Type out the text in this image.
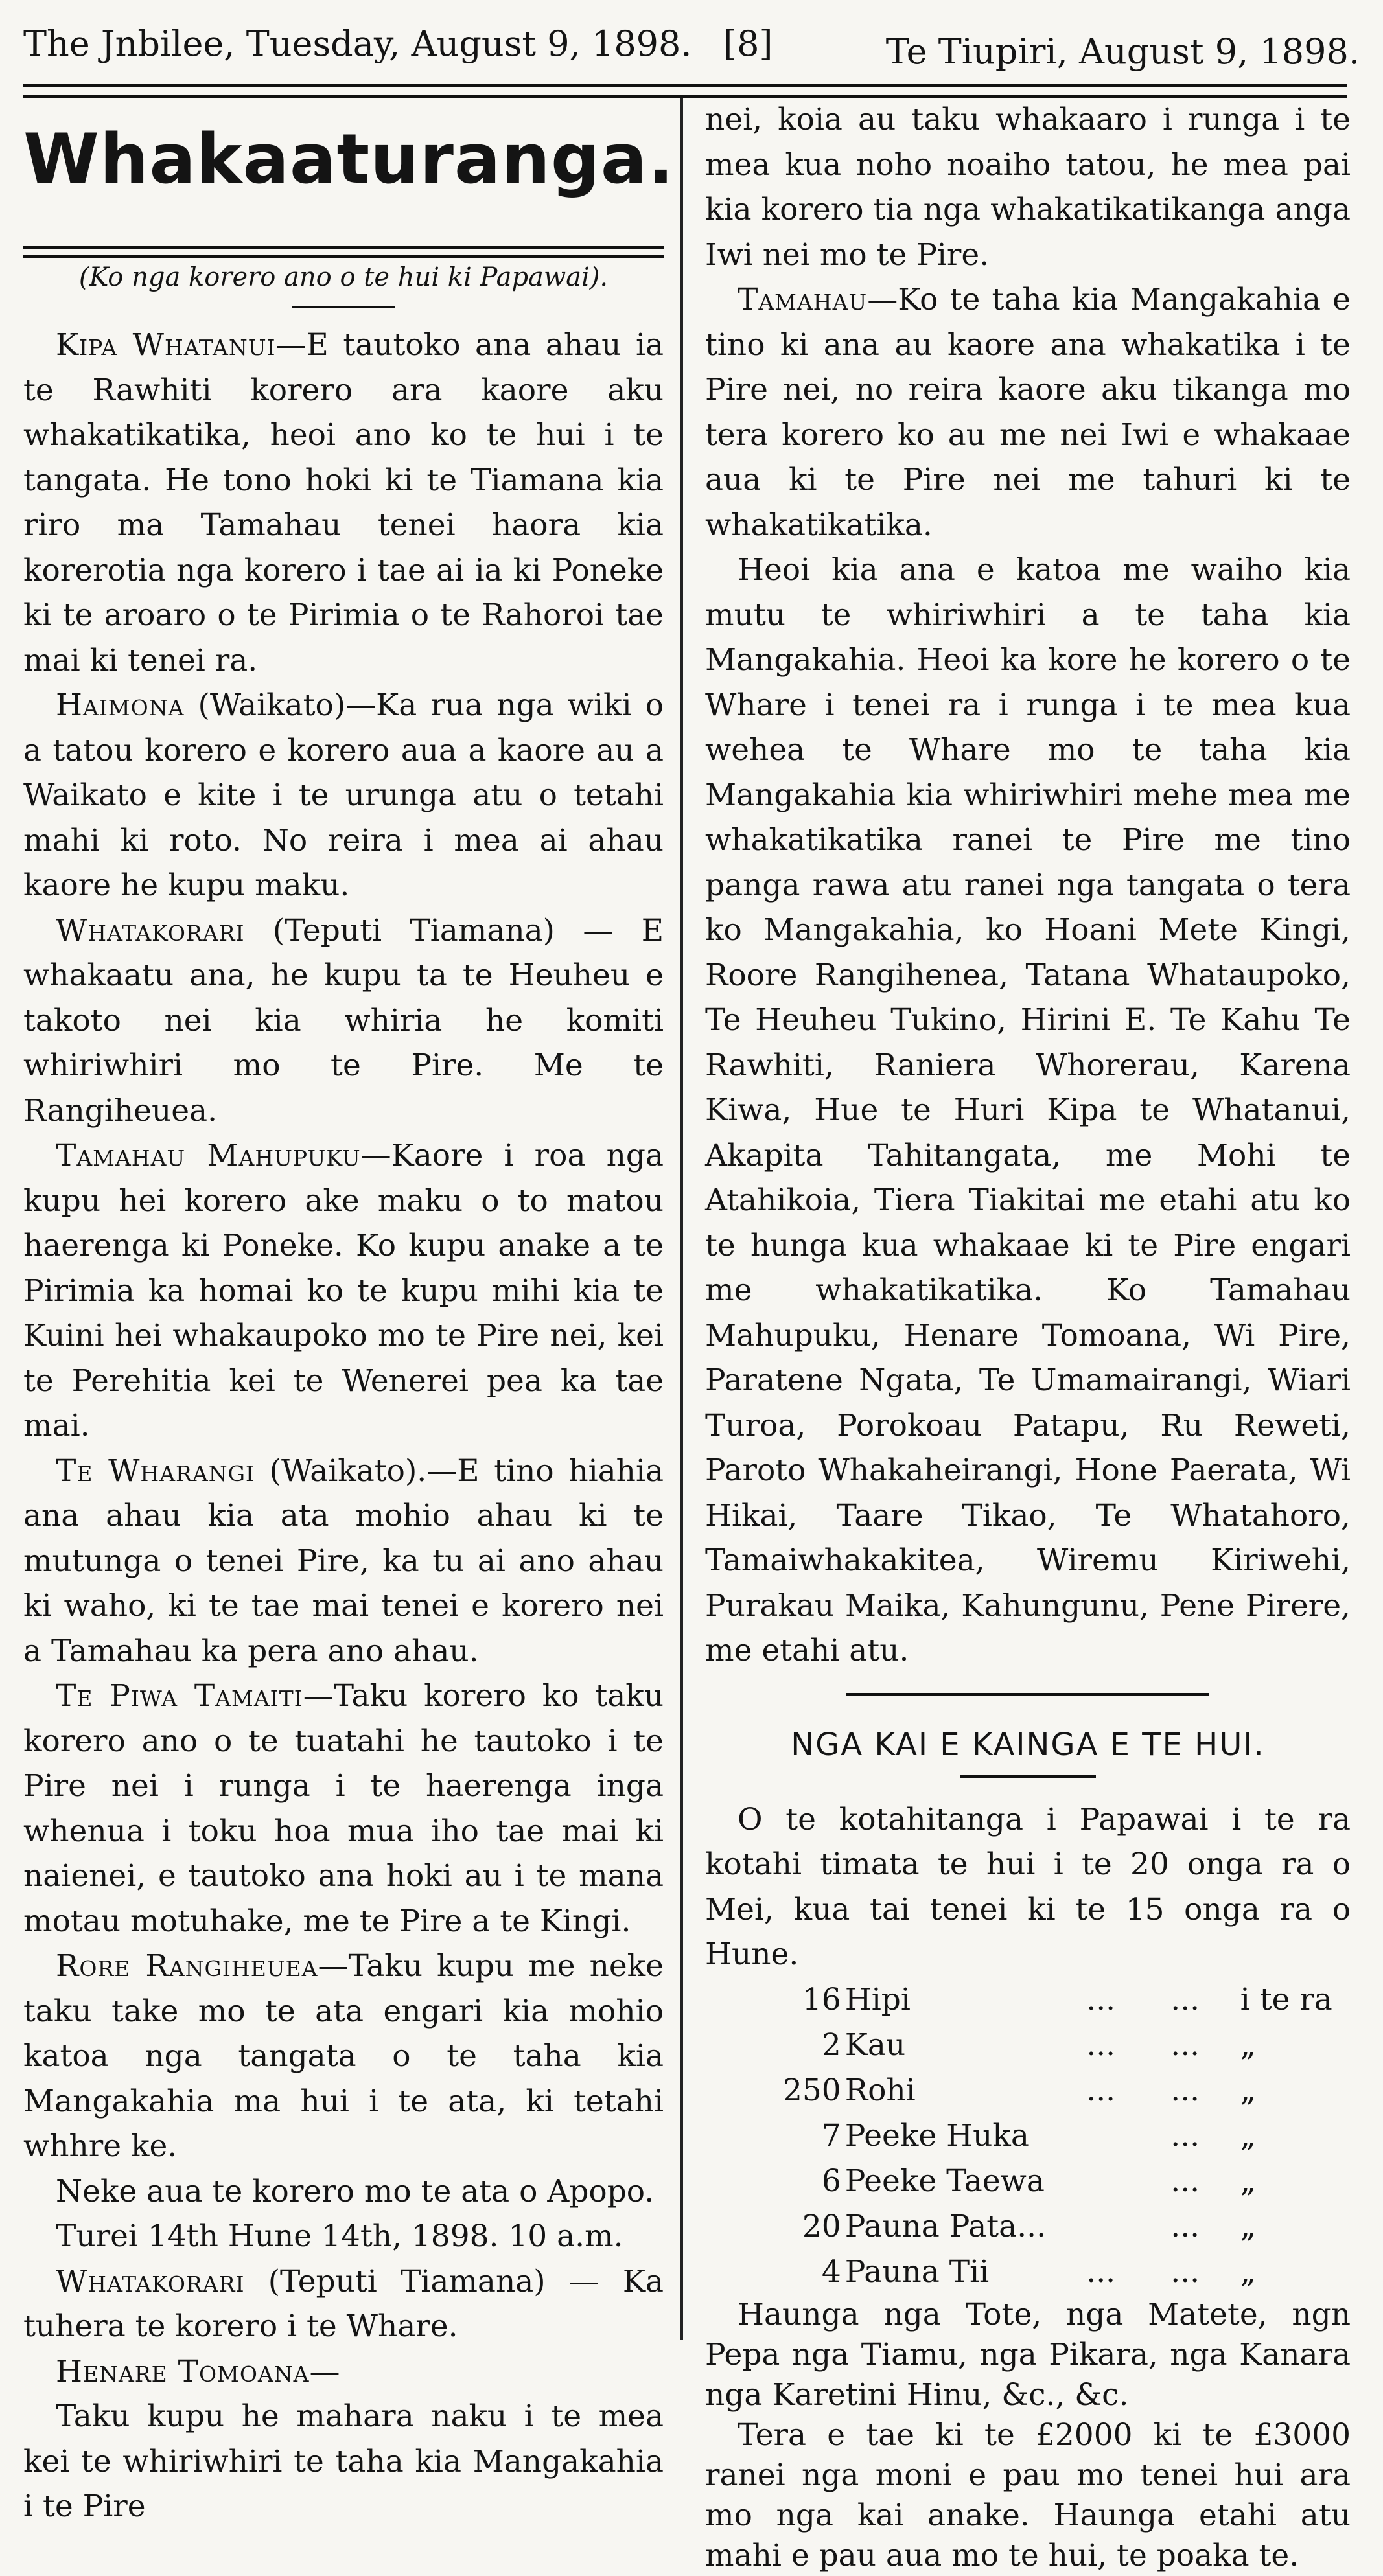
The Jnbilee, Tuesday, August 9, 1898. [8]	Te Tiupiri, August 9, 1898.
Whakaaturanga.

(Ko nga korero ano o te hui ki Papawai).

Kipa Whatanui—E tautoko ana ahau ia te Rawhiti korero ara kaore aku whakatikatika, heoi ano ko te hui i te tangata. He tono hoki ki te Tiamana kia riro ma Tamahau tenei haora kia korerotia nga korero i tae ai ia ki Poneke ki te aroaro o te Pirimia o te Rahoroi tae mai ki tenei ra.

Haimona (Waikato)—Ka rua nga wiki o a tatou korero e korero aua a kaore au a Waikato e kite i te urunga atu o tetahi mahi ki roto. No reira i mea ai ahau kaore he kupu maku.

Whatakorari (Teputi Tiamana) — E whakaatu ana, he kupu ta te Heuheu e takoto nei kia whiria he komiti whiriwhiri mo te Pire. Me te Rangiheuea.

Tamahau Mahupuku—Kaore i roa nga kupu hei korero ake maku o to matou haerenga ki Poneke. Ko kupu anake a te Pirimia ka homai ko te kupu mihi kia te Kuini hei whakaupoko mo te Pire nei, kei te Perehitia kei te Wenerei pea ka tae mai.

Te Wharangi (Waikato).—E tino hiahia ana ahau kia ata mohio ahau ki te mutunga o tenei Pire, ka tu ai ano ahau ki waho, ki te tae mai tenei e korero nei a Tamahau ka pera ano ahau.

Te Piwa Tamaiti—Taku korero ko taku korero ano o te tuatahi he tautoko i te Pire nei i runga i te haerenga inga whenua i toku hoa mua iho tae mai ki naienei, e tautoko ana hoki au i te mana motau motuhake, me te Pire a te Kingi.

Rore Rangiheuea—Taku kupu me neke taku take mo te ata engari kia mohio katoa nga tangata o te taha kia Mangakahia ma hui i te ata, ki tetahi whhre ke.

Neke aua te korero mo te ata o Apopo.

Turei 14th Hune 14th, 1898. 10 a.m.

Whatakorari (Teputi Tiamana) — Ka tuhera te korero i te Whare.

Henare Tomoana—

Taku kupu he mahara naku i te mea kei te whiriwhiri te taha kia Mangakahia i te Pire

nei, koia au taku whakaaro i runga i te mea kua noho noaiho tatou, he mea pai kia korero tia nga whakatikatikanga anga Iwi nei mo te Pire.

Tamahau—Ko te taha kia Mangakahia e tino ki ana au kaore ana whakatika i te Pire nei, no reira kaore aku tikanga mo tera korero ko au me nei Iwi e whakaae aua ki te Pire nei me tahuri ki te whakatikatika.

Heoi kia ana e katoa me waiho kia mutu te whiriwhiri a te taha kia Mangakahia. Heoi ka kore he korero o te Whare i tenei ra i runga i te mea kua wehea te Whare mo te taha kia Mangakahia kia whiriwhiri mehe mea me whakatikatika ranei te Pire me tino panga rawa atu ranei nga tangata o tera ko Mangakahia, ko Hoani Mete Kingi, Roore Rangihenea, Tatana Whataupoko, Te Heuheu Tukino, Hirini E. Te Kahu Te Rawhiti, Raniera Whorerau, Karena Kiwa, Hue te Huri Kipa te Whatanui, Akapita Tahitangata, me Mohi te Atahikoia, Tiera Tiakitai me etahi atu ko te hunga kua whakaae ki te Pire engari me whakatikatika. Ko Tamahau Mahupuku, Henare Tomoana, Wi Pire, Paratene Ngata, Te Umamairangi, Wiari Turoa, Porokoau Patapu, Ru Reweti, Paroto Whakaheirangi, Hone Paerata, Wi Hikai, Taare Tikao, Te Whatahoro, Tamaiwhakakitea, Wiremu Kiriwehi, Purakau Maika, Kahungunu, Pene Pirere, me etahi atu.

NGA KAI E KAINGA E TE HUI.

O te kotahitanga i Papawai i te ra kotahi timata te hui i te 20 onga ra o Mei, kua tai tenei ki te 15 onga ra o Hune.

16	Hipi	...	...	i te ra
2	Kau	...	...	„
250	Rohi	...	...	„
7	Peeke Huka		...	„
6	Peeke Taewa		...	„
20	Pauna Pata...		...	„
4	Pauna Tii	...	...	„

Haunga nga Tote, nga Matete, ngn Pepa nga Tiamu, nga Pikara, nga Kanara nga Karetini Hinu, &c., &c.

Tera e tae ki te £2000 ki te £3000 ranei nga moni e pau mo tenei hui ara mo nga kai anake. Haunga etahi atu mahi e pau aua mo te hui, te poaka te.
